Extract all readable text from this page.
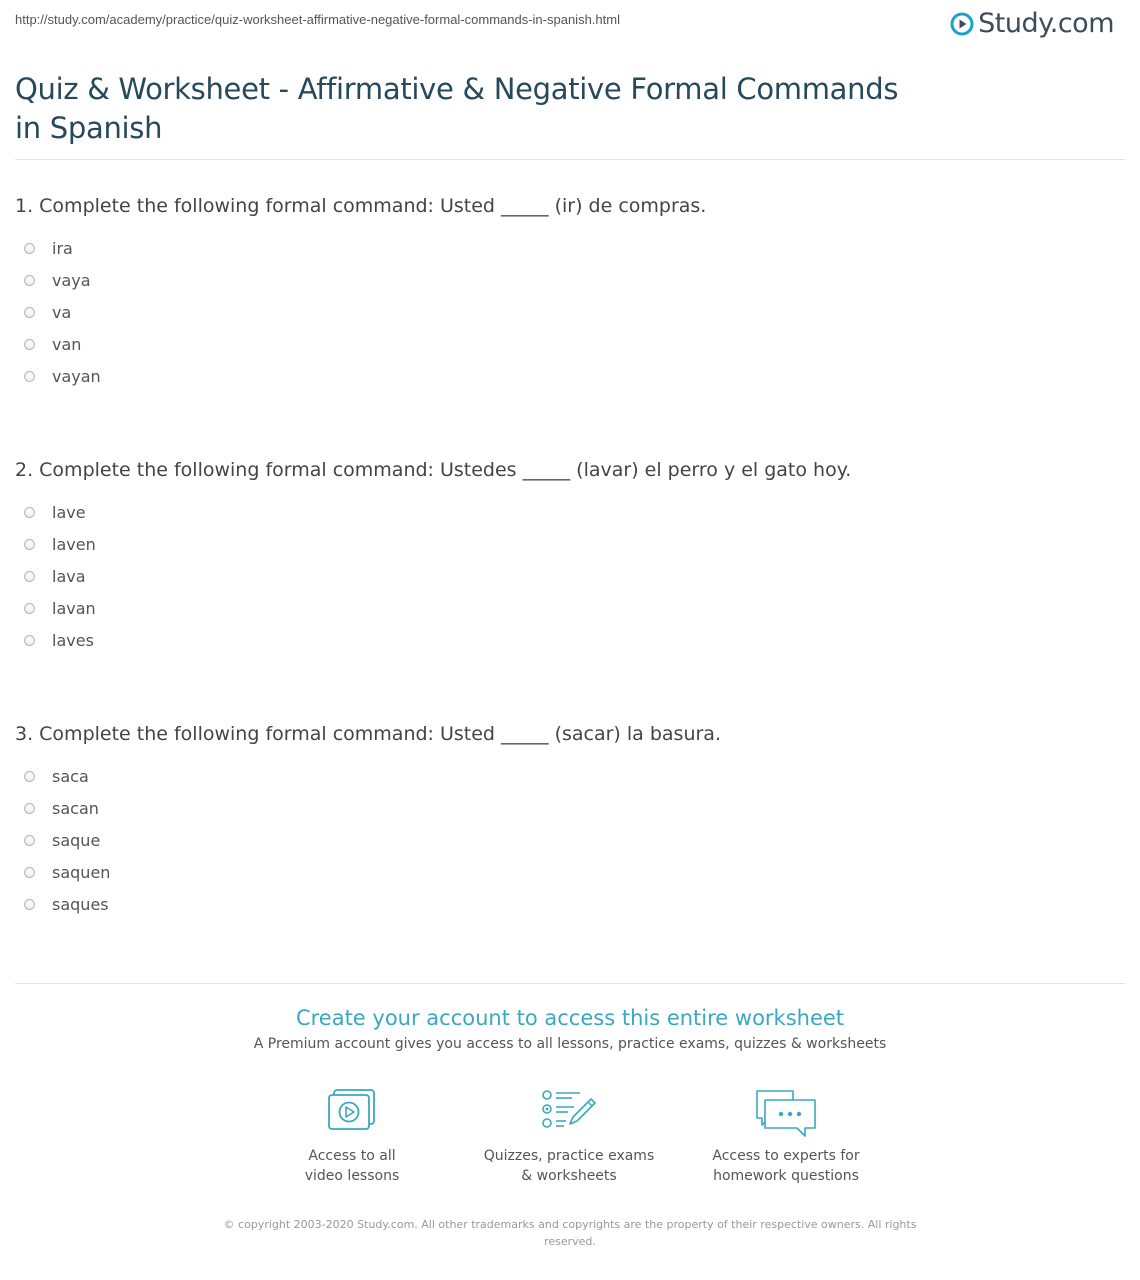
http://study.com/academy/practice/quiz-worksheet-affirmative-negative-formal-commands-in-spanish.html	Study.com
Quiz & Worksheet - Affirmative & Negative Formal Commands in Spanish
1. Complete the following formal command: Usted _____ (ir) de compras.
ira
vaya
va
van
vayan
2. Complete the following formal command: Ustedes _____ (lavar) el perro y el gato hoy.
lave
laven
lava
lavan
laves
3. Complete the following formal command: Usted _____ (sacar) la basura.
saca
sacan
saque
saquen
saques
Create your account to access this entire worksheet
A Premium account gives you access to all lessons, practice exams, quizzes & worksheets
Access to all
video lessons
Quizzes, practice exams
& worksheets
Access to experts for
homework questions
© copyright 2003-2020 Study.com. All other trademarks and copyrights are the property of their respective owners. All rights reserved.
